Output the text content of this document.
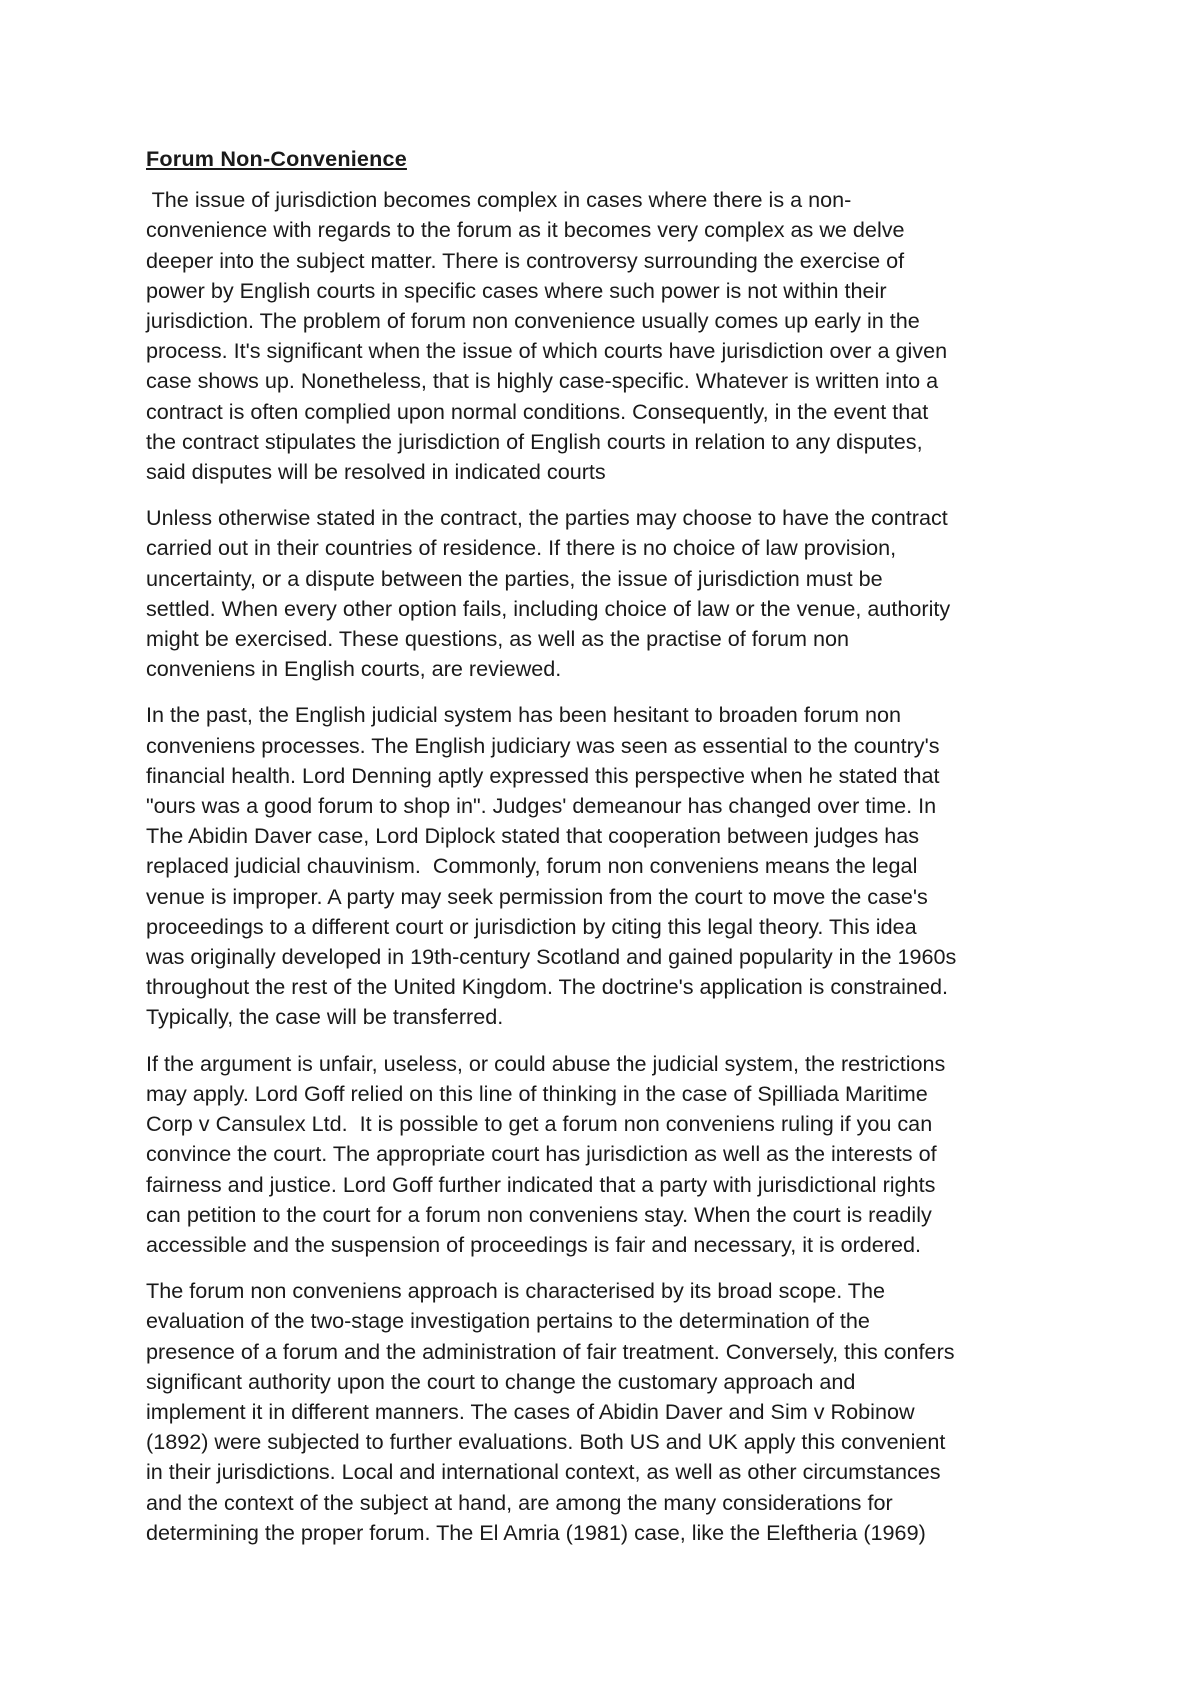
Forum Non-Convenience
The issue of jurisdiction becomes complex in cases where there is a non-
convenience with regards to the forum as it becomes very complex as we delve
deeper into the subject matter. There is controversy surrounding the exercise of
power by English courts in specific cases where such power is not within their
jurisdiction. The problem of forum non convenience usually comes up early in the
process. It's significant when the issue of which courts have jurisdiction over a given
case shows up. Nonetheless, that is highly case-specific. Whatever is written into a
contract is often complied upon normal conditions. Consequently, in the event that
the contract stipulates the jurisdiction of English courts in relation to any disputes,
said disputes will be resolved in indicated courts
Unless otherwise stated in the contract, the parties may choose to have the contract
carried out in their countries of residence. If there is no choice of law provision,
uncertainty, or a dispute between the parties, the issue of jurisdiction must be
settled. When every other option fails, including choice of law or the venue, authority
might be exercised. These questions, as well as the practise of forum non
conveniens in English courts, are reviewed.
In the past, the English judicial system has been hesitant to broaden forum non
conveniens processes. The English judiciary was seen as essential to the country's
financial health. Lord Denning aptly expressed this perspective when he stated that
"ours was a good forum to shop in". Judges' demeanour has changed over time. In
The Abidin Daver case, Lord Diplock stated that cooperation between judges has
replaced judicial chauvinism.  Commonly, forum non conveniens means the legal
venue is improper. A party may seek permission from the court to move the case's
proceedings to a different court or jurisdiction by citing this legal theory. This idea
was originally developed in 19th-century Scotland and gained popularity in the 1960s
throughout the rest of the United Kingdom. The doctrine's application is constrained.
Typically, the case will be transferred.
If the argument is unfair, useless, or could abuse the judicial system, the restrictions
may apply. Lord Goff relied on this line of thinking in the case of Spilliada Maritime
Corp v Cansulex Ltd.  It is possible to get a forum non conveniens ruling if you can
convince the court. The appropriate court has jurisdiction as well as the interests of
fairness and justice. Lord Goff further indicated that a party with jurisdictional rights
can petition to the court for a forum non conveniens stay. When the court is readily
accessible and the suspension of proceedings is fair and necessary, it is ordered.
The forum non conveniens approach is characterised by its broad scope. The
evaluation of the two-stage investigation pertains to the determination of the
presence of a forum and the administration of fair treatment. Conversely, this confers
significant authority upon the court to change the customary approach and
implement it in different manners. The cases of Abidin Daver and Sim v Robinow
(1892) were subjected to further evaluations. Both US and UK apply this convenient
in their jurisdictions. Local and international context, as well as other circumstances
and the context of the subject at hand, are among the many considerations for
determining the proper forum. The El Amria (1981) case, like the Eleftheria (1969)
